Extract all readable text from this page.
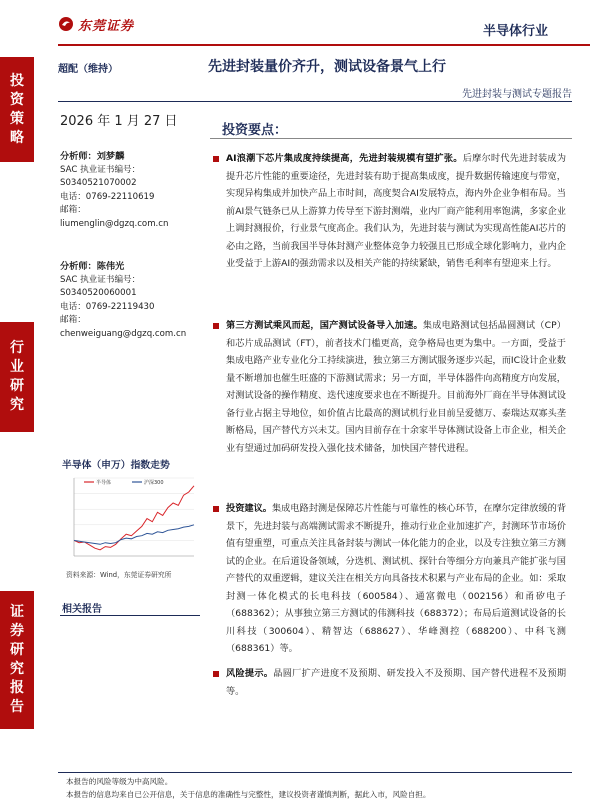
东莞证券	半导体行业
投资策略
行业研究
证券研究报告
超配（维持）	先进封装量价齐升，测试设备景气上行
先进封装与测试专题报告
2026 年 1 月 27 日
分析师：刘梦麟
SAC 执业证书编号：
S0340521070002
电话：0769-22110619
邮箱：
liumenglin@dgzq.com.cn
分析师：陈伟光
SAC 执业证书编号：
S0340520060001
电话：0769-22119430
邮箱：
chenweiguang@dgzq.com.cn
半导体（申万）指数走势
半导体	沪深300
资料来源：Wind，东莞证券研究所
相关报告
投资要点：
AI浪潮下芯片集成度持续提高，先进封装规模有望扩张。后摩尔时代先进封装成为提升芯片性能的重要途径，先进封装有助于提高集成度，提升数据传输速度与带宽，实现异构集成并加快产品上市时间，高度契合AI发展特点，海内外企业争相布局。当前AI景气链条已从上游算力传导至下游封测端，业内厂商产能利用率饱满，多家企业上调封测报价，行业景气度高企。我们认为，先进封装与测试为实现高性能AI芯片的必由之路，当前我国半导体封测产业整体竞争力较强且已形成全球化影响力，业内企业受益于上游AI的强劲需求以及相关产能的持续紧缺，销售毛利率有望迎来上行。
第三方测试乘风而起，国产测试设备导入加速。集成电路测试包括晶圆测试（CP）和芯片成品测试（FT），前者技术门槛更高，竞争格局也更为集中。一方面，受益于集成电路产业专业化分工持续演进，独立第三方测试服务逐步兴起，而IC设计企业数量不断增加也催生旺盛的下游测试需求；另一方面，半导体器件向高精度方向发展，对测试设备的操作精度、迭代速度要求也在不断提升。目前海外厂商在半导体测试设备行业占据主导地位，如价值占比最高的测试机行业目前呈爱德万、泰瑞达双寡头垄断格局，国产替代方兴未艾。国内目前存在十余家半导体测试设备上市企业，相关企业有望通过加码研发投入强化技术储备，加快国产替代进程。
投资建议。集成电路封测是保障芯片性能与可靠性的核心环节，在摩尔定律放缓的背景下，先进封装与高端测试需求不断提升，推动行业企业加速扩产，封测环节市场价值有望重塑，可重点关注具备封装与测试一体化能力的企业，以及专注独立第三方测试的企业。在后道设备领域，分选机、测试机、探针台等细分方向兼具产能扩张与国产替代的双重逻辑，建议关注在相关方向具备技术积累与产业布局的企业。如：采取封测一体化模式的长电科技（600584）、通富微电（002156）和甬矽电子（688362）；从事独立第三方测试的伟测科技（688372）；布局后道测试设备的长川科技（300604）、精智达（688627）、华峰测控（688200）、中科飞测（688361）等。
风险提示。晶圆厂扩产进度不及预期、研发投入不及预期、国产替代进程不及预期等。
本报告的风险等级为中高风险。
本报告的信息均来自已公开信息，关于信息的准确性与完整性，建议投资者谨慎判断，据此入市，风险自担。
